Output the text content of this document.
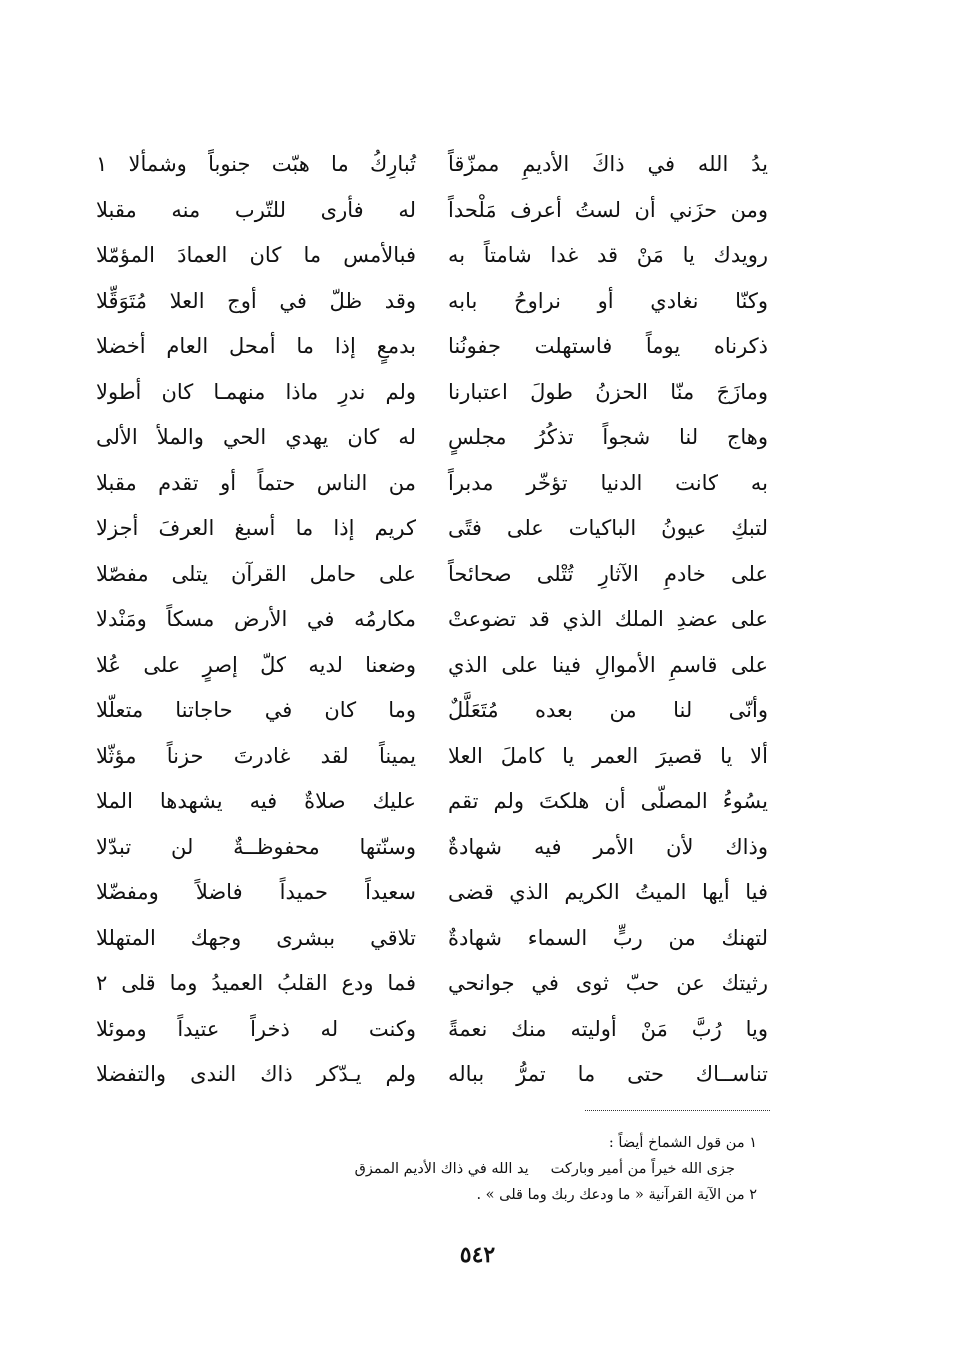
يدُ الله في ذاكَ الأديمِ ممزّقاً
ومن حزَني أن لستُ أعرف مَلْحداً
رويدك يا مَنْ قد غدا شامتاً به
وكنّا نغادي أو نراوحُ بابه
ذكرناه يوماً فاستهلت جفونُنا
ومازَجَ منّا الحزنُ طولَ اعتبارنا
وهاج لنا شجواً تذكُرُ مجلسٍ
به كانت الدنيا تؤخّر مدبراً
لتبكِ عيونُ الباكيات على فتًى
على خادمِ الآثارِ تُتْلى صحائحاً
على عضدِ الملك الذي قد تضوعتْ
على قاسمِ الأموالِ فينا على الذي
وأنّى لنا من بعده مُتَعَلَّلٌ
ألا يا قصيرَ العمر يا كاملَ العلا
يسُوءُ المصلّى أن هلكتَ ولم تقم
وذاك لأن الأمر فيه شهادةٌ
فيا أيها الميتُ الكريم الذي قضى
لتهنك من ربٍّ السماء شهادةٌ
رثيتك عن حبّ ثوى في جوانحي
ويا رُبَّ مَنْ أوليته منك نعمةً
تناســاك حتى ما تمرُّ بباله
تُبارِكُ ما هبّت جنوباً وشمألا ١
له فأرى للتّرب منه مقبلا
فبالأمس ما كان العمادَ المؤمّلا
وقد ظلّ في أوج العلا مُتَوَقِّلا
بدمعٍ إذا ما أمحل العام أخضلا
ولم ندرِ ماذا منهمـا كان أطولا
له كان يهدي الحي والملأ الألى
من الناس حتماً أو تقدم مقبلا
كريم إذا ما أسبغ العرفَ أجزلا
على حامل القرآن يتلى مفصّلا
مكارمُه في الأرض مسكاً ومَنْدلا
وضعنا لديه كلّ إصرٍ على عُلا
وما كان في حاجاتنا متعلّلا
يميناً لقد غادرتَ حزناً مؤثّلا
عليك صلاةٌ فيه يشهدها الملا
وسنّتها محفوظــةٌ لن تبدّلا
سعيداً حميداً فاضلاً ومفضّلا
تلاقي ببشرى وجهك المتهللا
فما ودع القلبُ العميدُ وما قلى ٢
وكنت له ذخراً عتيداً وموئلا
ولم يـدّكر ذاك الندى والتفضلا
١ من قول الشماخ أيضاً :
جزى الله خيراً من أمير وباركت
يد الله في ذاك الأديم الممزق
٢ من الآية القرآنية « ما ودعك ربك وما قلى » .
٥٤٢
